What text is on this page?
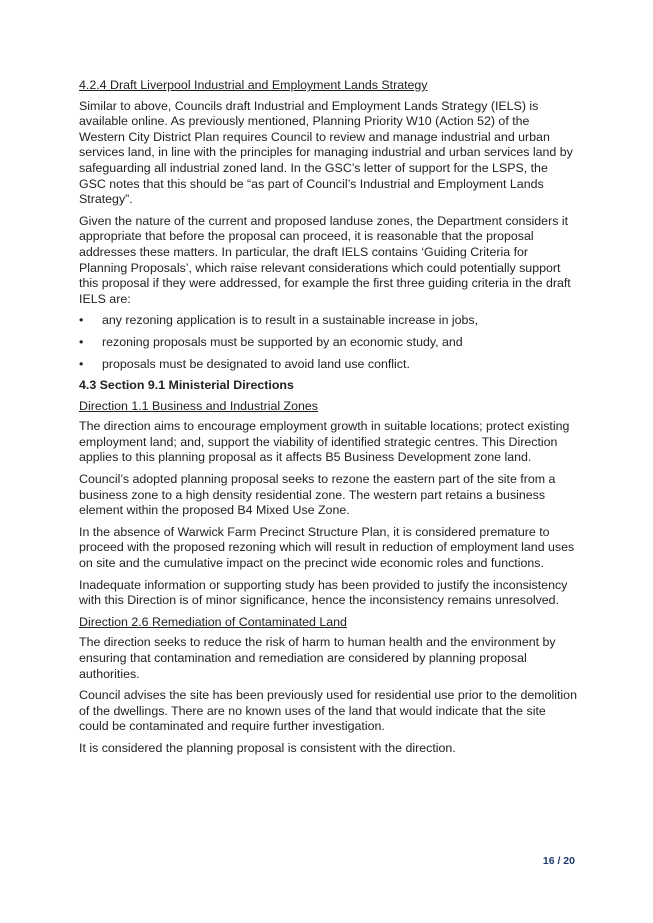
4.2.4 Draft Liverpool Industrial and Employment Lands Strategy

Similar to above, Councils draft Industrial and Employment Lands Strategy (IELS) is available online. As previously mentioned, Planning Priority W10 (Action 52) of the Western City District Plan requires Council to review and manage industrial and urban services land, in line with the principles for managing industrial and urban services land by safeguarding all industrial zoned land. In the GSC’s letter of support for the LSPS, the GSC notes that this should be “as part of Council’s Industrial and Employment Lands Strategy”.

Given the nature of the current and proposed landuse zones, the Department considers it appropriate that before the proposal can proceed, it is reasonable that the proposal addresses these matters. In particular, the draft IELS contains ‘Guiding Criteria for Planning Proposals’, which raise relevant considerations which could potentially support this proposal if they were addressed, for example the first three guiding criteria in the draft IELS are:

•	any rezoning application is to result in a sustainable increase in jobs,
•	rezoning proposals must be supported by an economic study, and
•	proposals must be designated to avoid land use conflict.

4.3 Section 9.1 Ministerial Directions

Direction 1.1 Business and Industrial Zones

The direction aims to encourage employment growth in suitable locations; protect existing employment land; and, support the viability of identified strategic centres. This Direction applies to this planning proposal as it affects B5 Business Development zone land.

Council’s adopted planning proposal seeks to rezone the eastern part of the site from a business zone to a high density residential zone. The western part retains a business element within the proposed B4 Mixed Use Zone.

In the absence of Warwick Farm Precinct Structure Plan, it is considered premature to proceed with the proposed rezoning which will result in reduction of employment land uses on site and the cumulative impact on the precinct wide economic roles and functions.

Inadequate information or supporting study has been provided to justify the inconsistency with this Direction is of minor significance, hence the inconsistency remains unresolved.

Direction 2.6 Remediation of Contaminated Land

The direction seeks to reduce the risk of harm to human health and the environment by ensuring that contamination and remediation are considered by planning proposal authorities.

Council advises the site has been previously used for residential use prior to the demolition of the dwellings. There are no known uses of the land that would indicate that the site could be contaminated and require further investigation.

It is considered the planning proposal is consistent with the direction.

16 / 20
